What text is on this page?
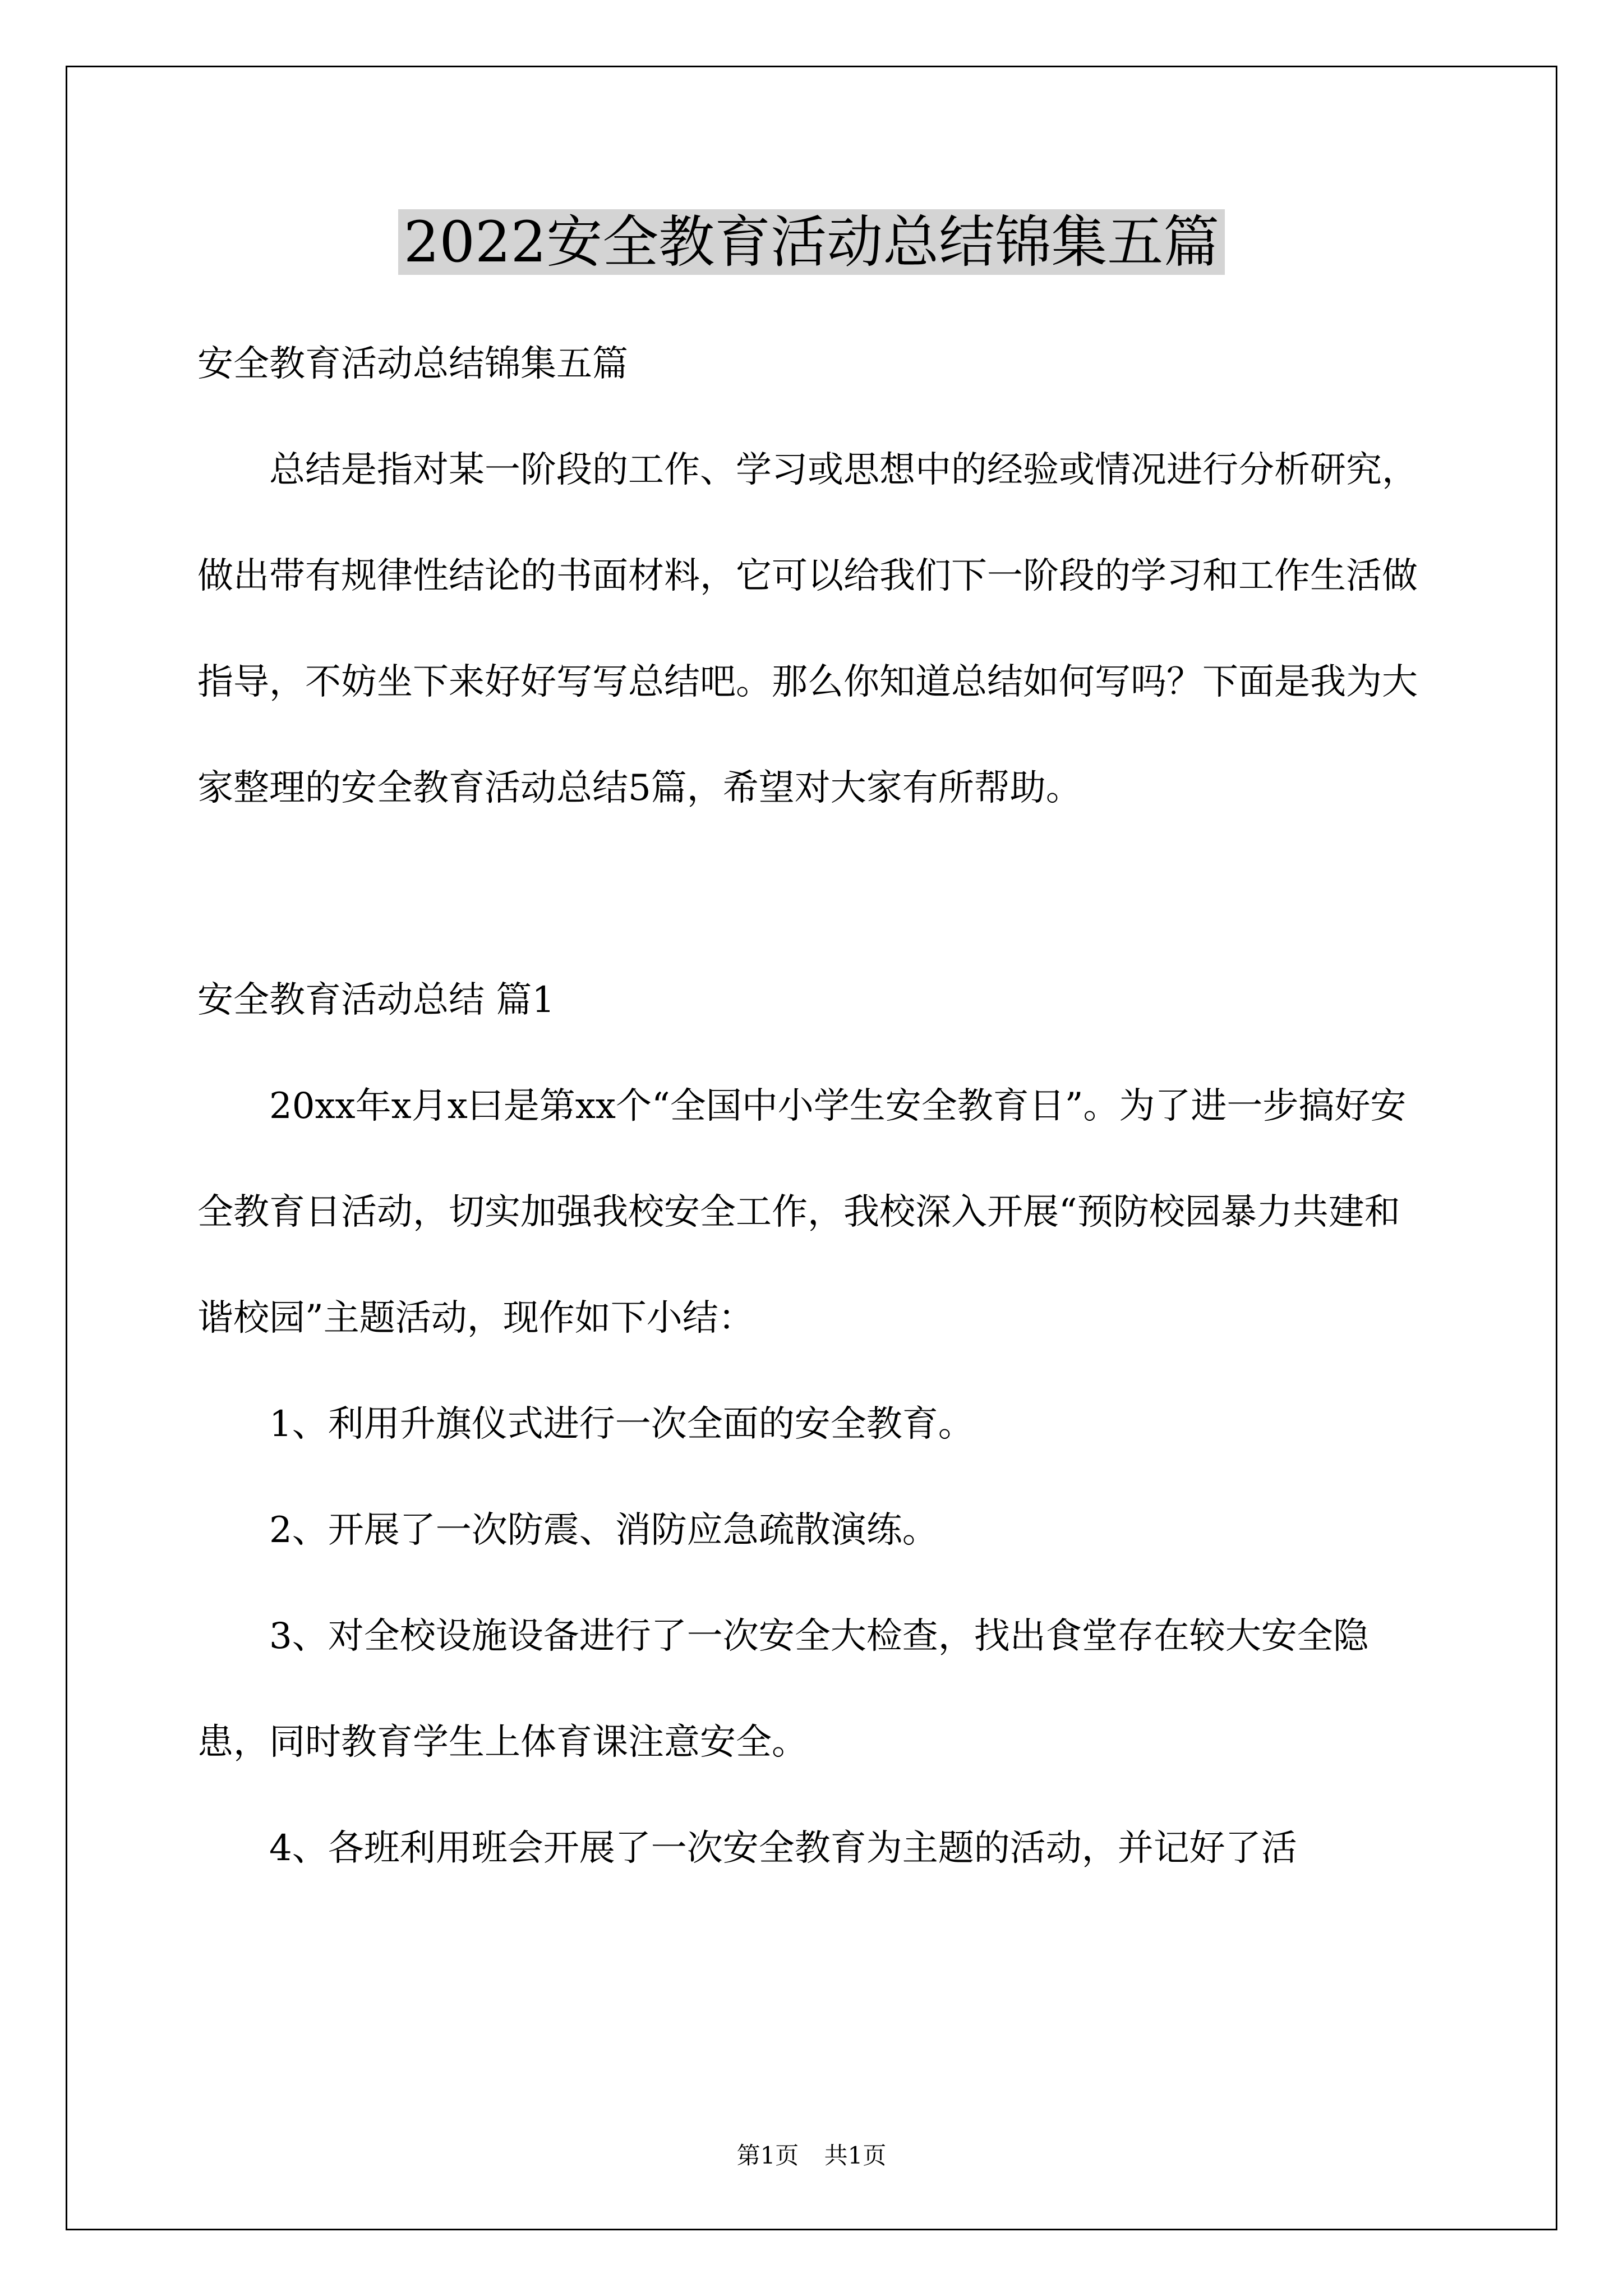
2022安全教育活动总结锦集五篇

安全教育活动总结锦集五篇

总结是指对某一阶段的工作、学习或思想中的经验或情况进行分析研究，做出带有规律性结论的书面材料，它可以给我们下一阶段的学习和工作生活做指导，不妨坐下来好好写写总结吧。那么你知道总结如何写吗？下面是我为大家整理的安全教育活动总结5篇，希望对大家有所帮助。

安全教育活动总结 篇1

20xx年x月x曰是第xx个“全国中小学生安全教育日”。为了进一步搞好安全教育日活动，切实加强我校安全工作，我校深入开展“预防校园暴力共建和谐校园”主题活动，现作如下小结：

1、利用升旗仪式进行一次全面的安全教育。

2、开展了一次防震、消防应急疏散演练。

3、对全校设施设备进行了一次安全大检查，找出食堂存在较大安全隐患，同时教育学生上体育课注意安全。

4、各班利用班会开展了一次安全教育为主题的活动，并记好了活

第1页 共1页
